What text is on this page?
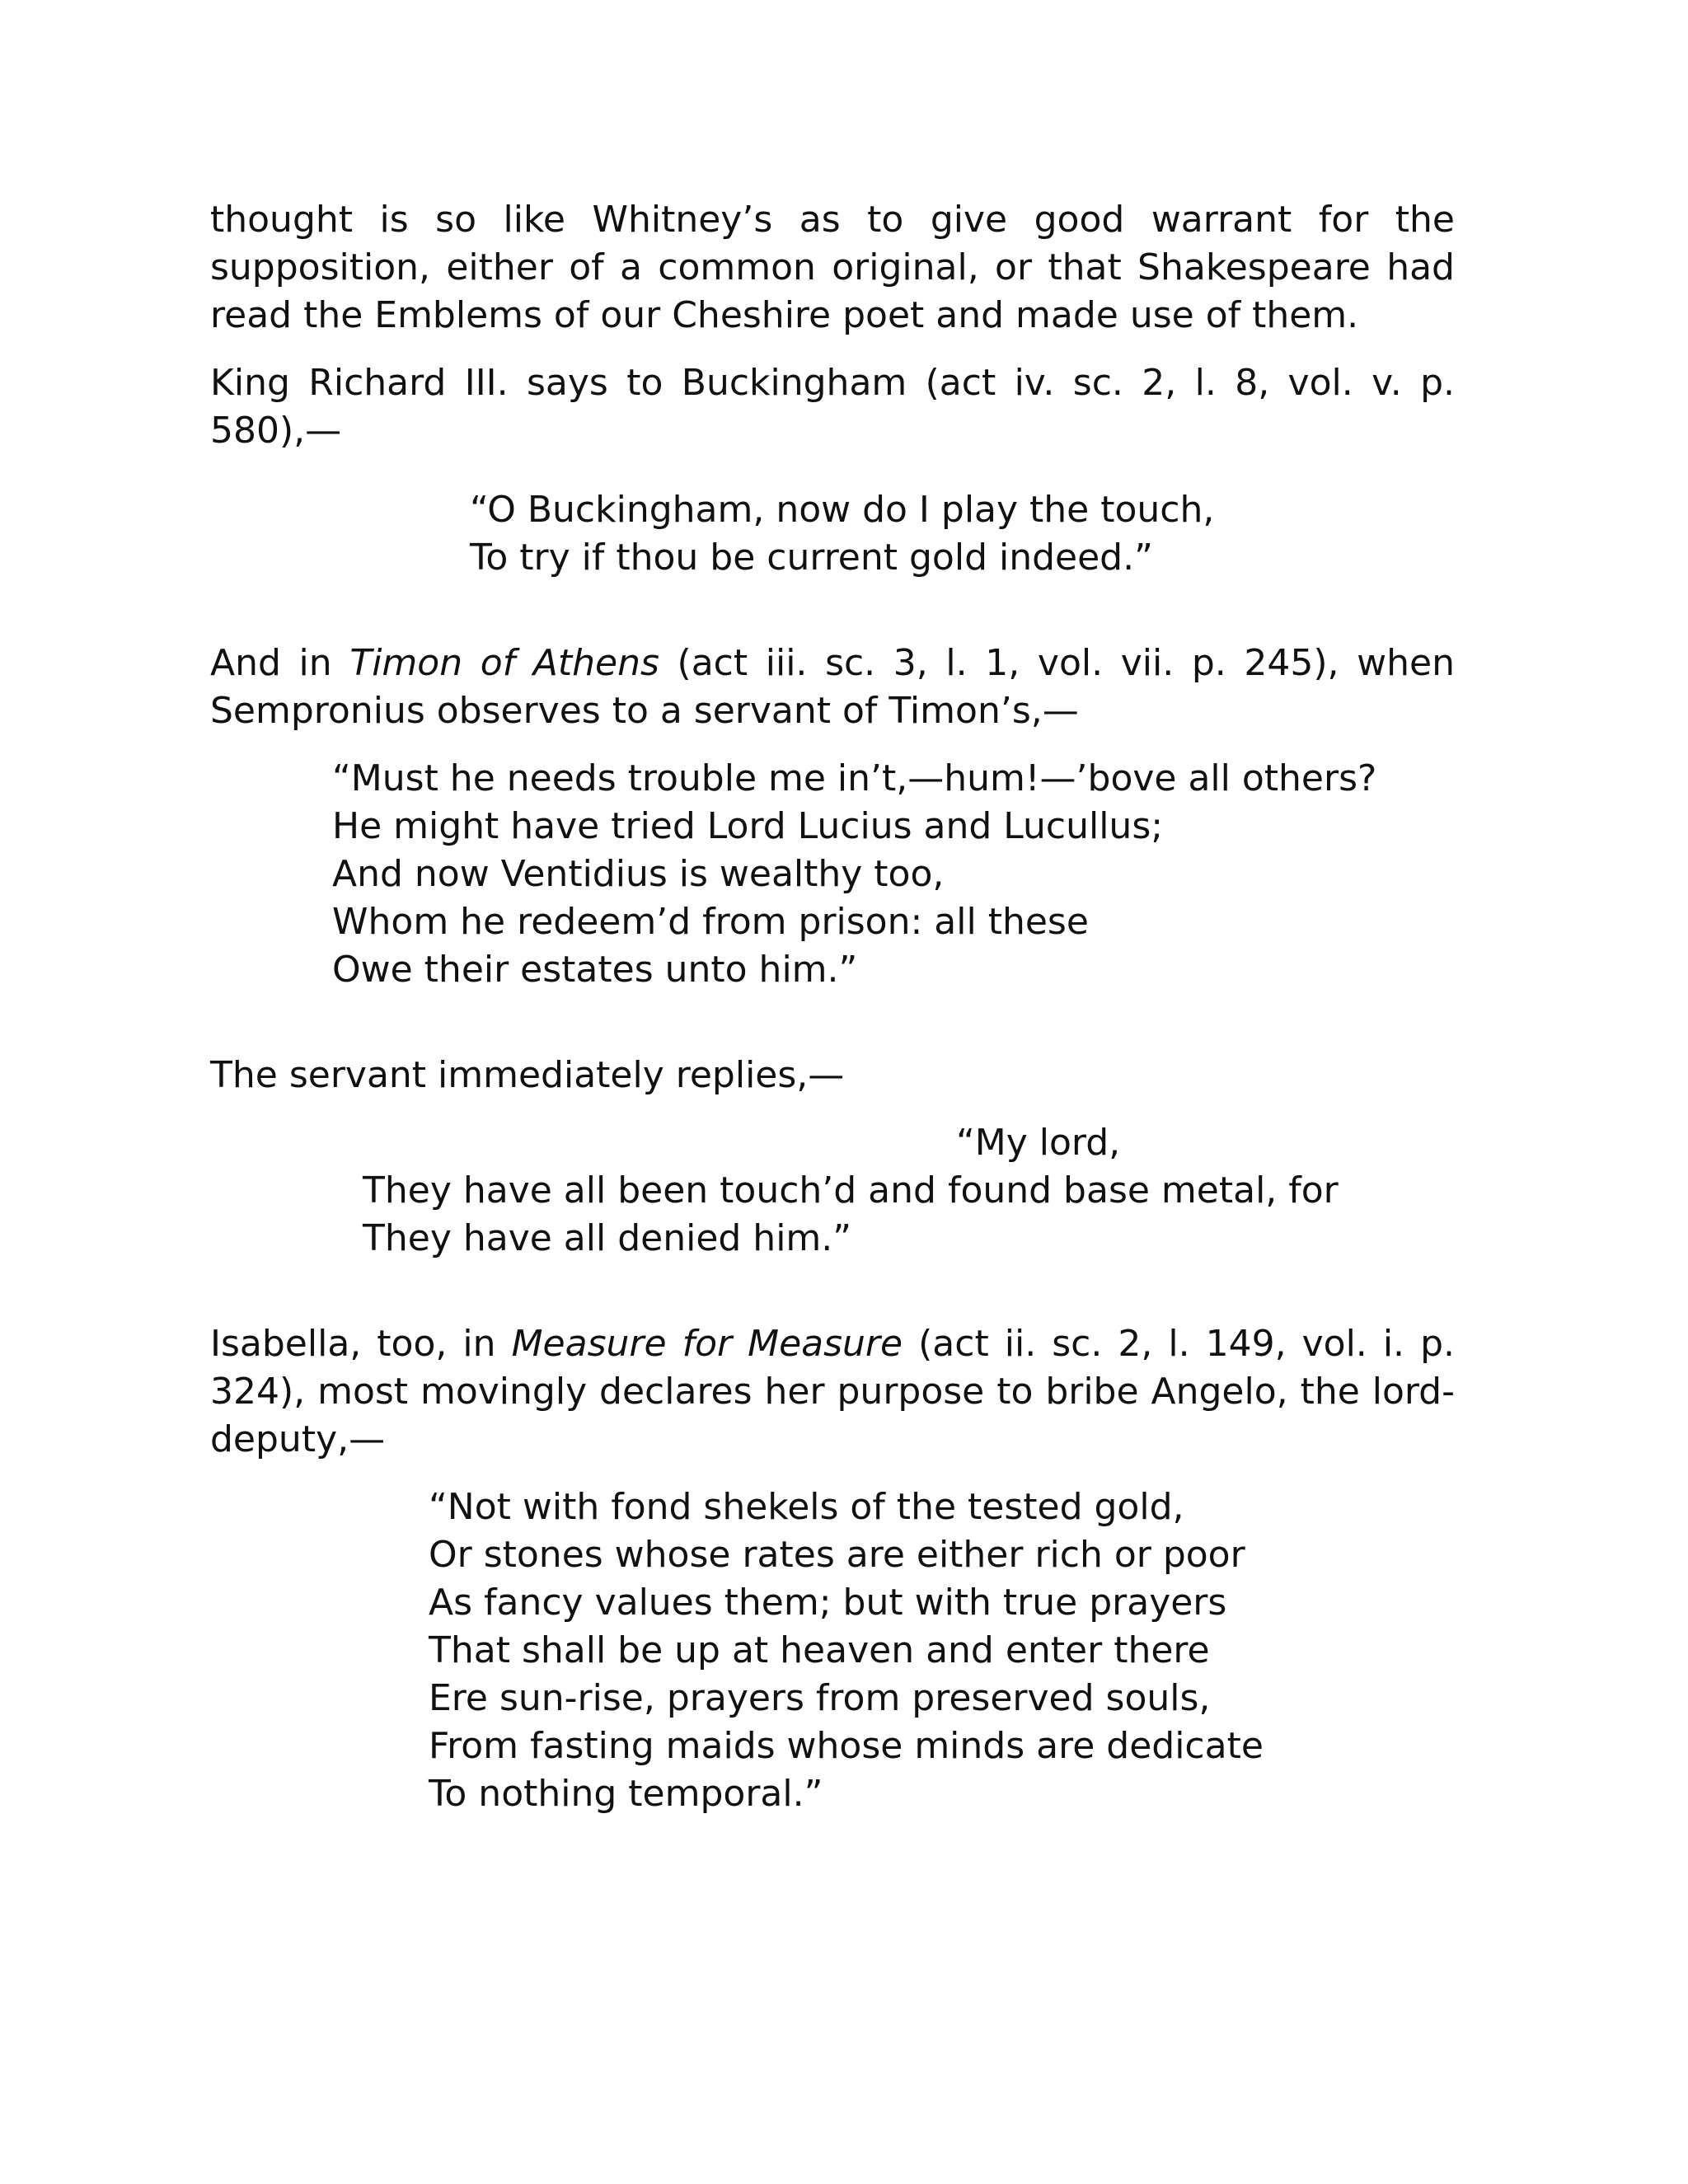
thought is so like Whitney’s as to give good warrant for the supposition, either of a common original, or that Shakespeare had read the Emblems of our Cheshire poet and made use of them.

King Richard III. says to Buckingham (act iv. sc. 2, l. 8, vol. v. p. 580),—

“O Buckingham, now do I play the touch,
To try if thou be current gold indeed.”

And in Timon of Athens (act iii. sc. 3, l. 1, vol. vii. p. 245), when Sempronius observes to a servant of Timon’s,—

“Must he needs trouble me in’t,—hum!—’bove all others?
He might have tried Lord Lucius and Lucullus;
And now Ventidius is wealthy too,
Whom he redeem’d from prison: all these
Owe their estates unto him.”

The servant immediately replies,—

“My lord,
They have all been touch’d and found base metal, for
They have all denied him.”

Isabella, too, in Measure for Measure (act ii. sc. 2, l. 149, vol. i. p. 324), most movingly declares her purpose to bribe Angelo, the lord-deputy,—

“Not with fond shekels of the tested gold,
Or stones whose rates are either rich or poor
As fancy values them; but with true prayers
That shall be up at heaven and enter there
Ere sun-rise, prayers from preserved souls,
From fasting maids whose minds are dedicate
To nothing temporal.”
